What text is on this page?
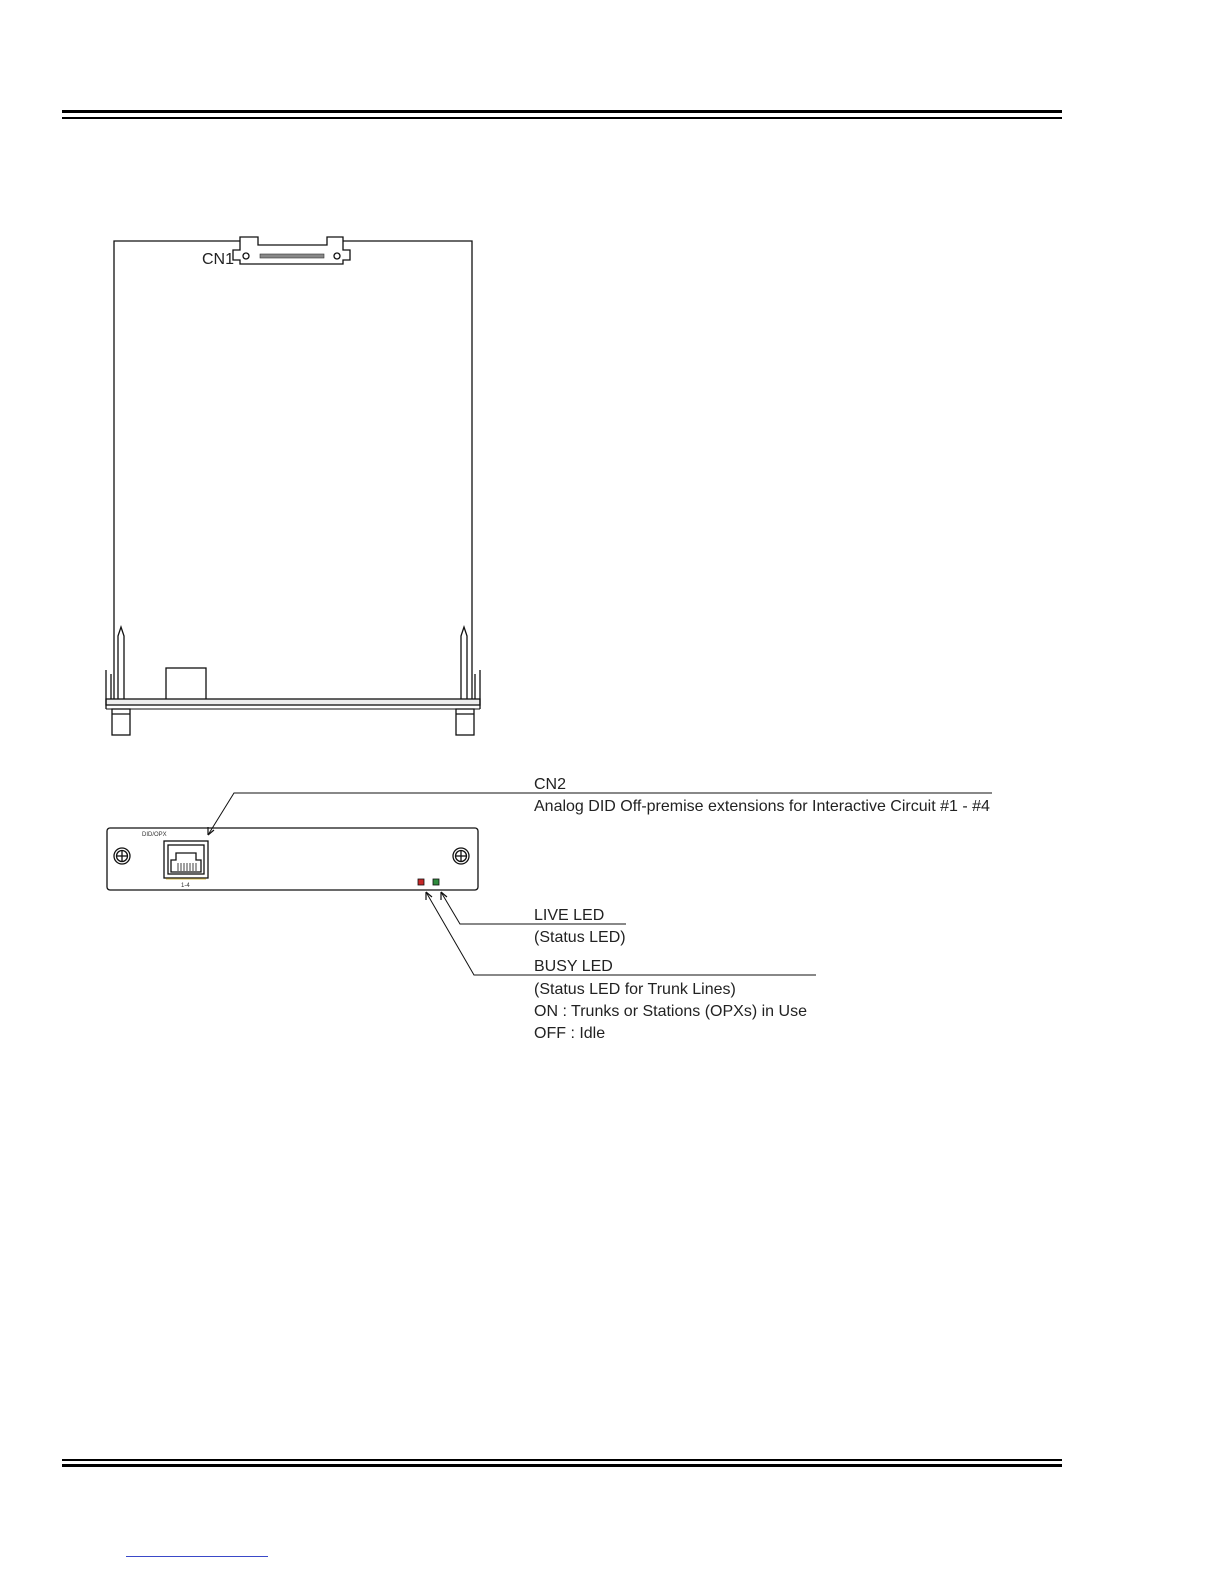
CN1
DID/OPX
1-4
CN2
Analog DID Off-premise extensions for Interactive Circuit #1 - #4
LIVE LED
(Status LED)
BUSY LED
(Status LED for Trunk Lines)
ON : Trunks or Stations (OPXs) in Use
OFF : Idle
